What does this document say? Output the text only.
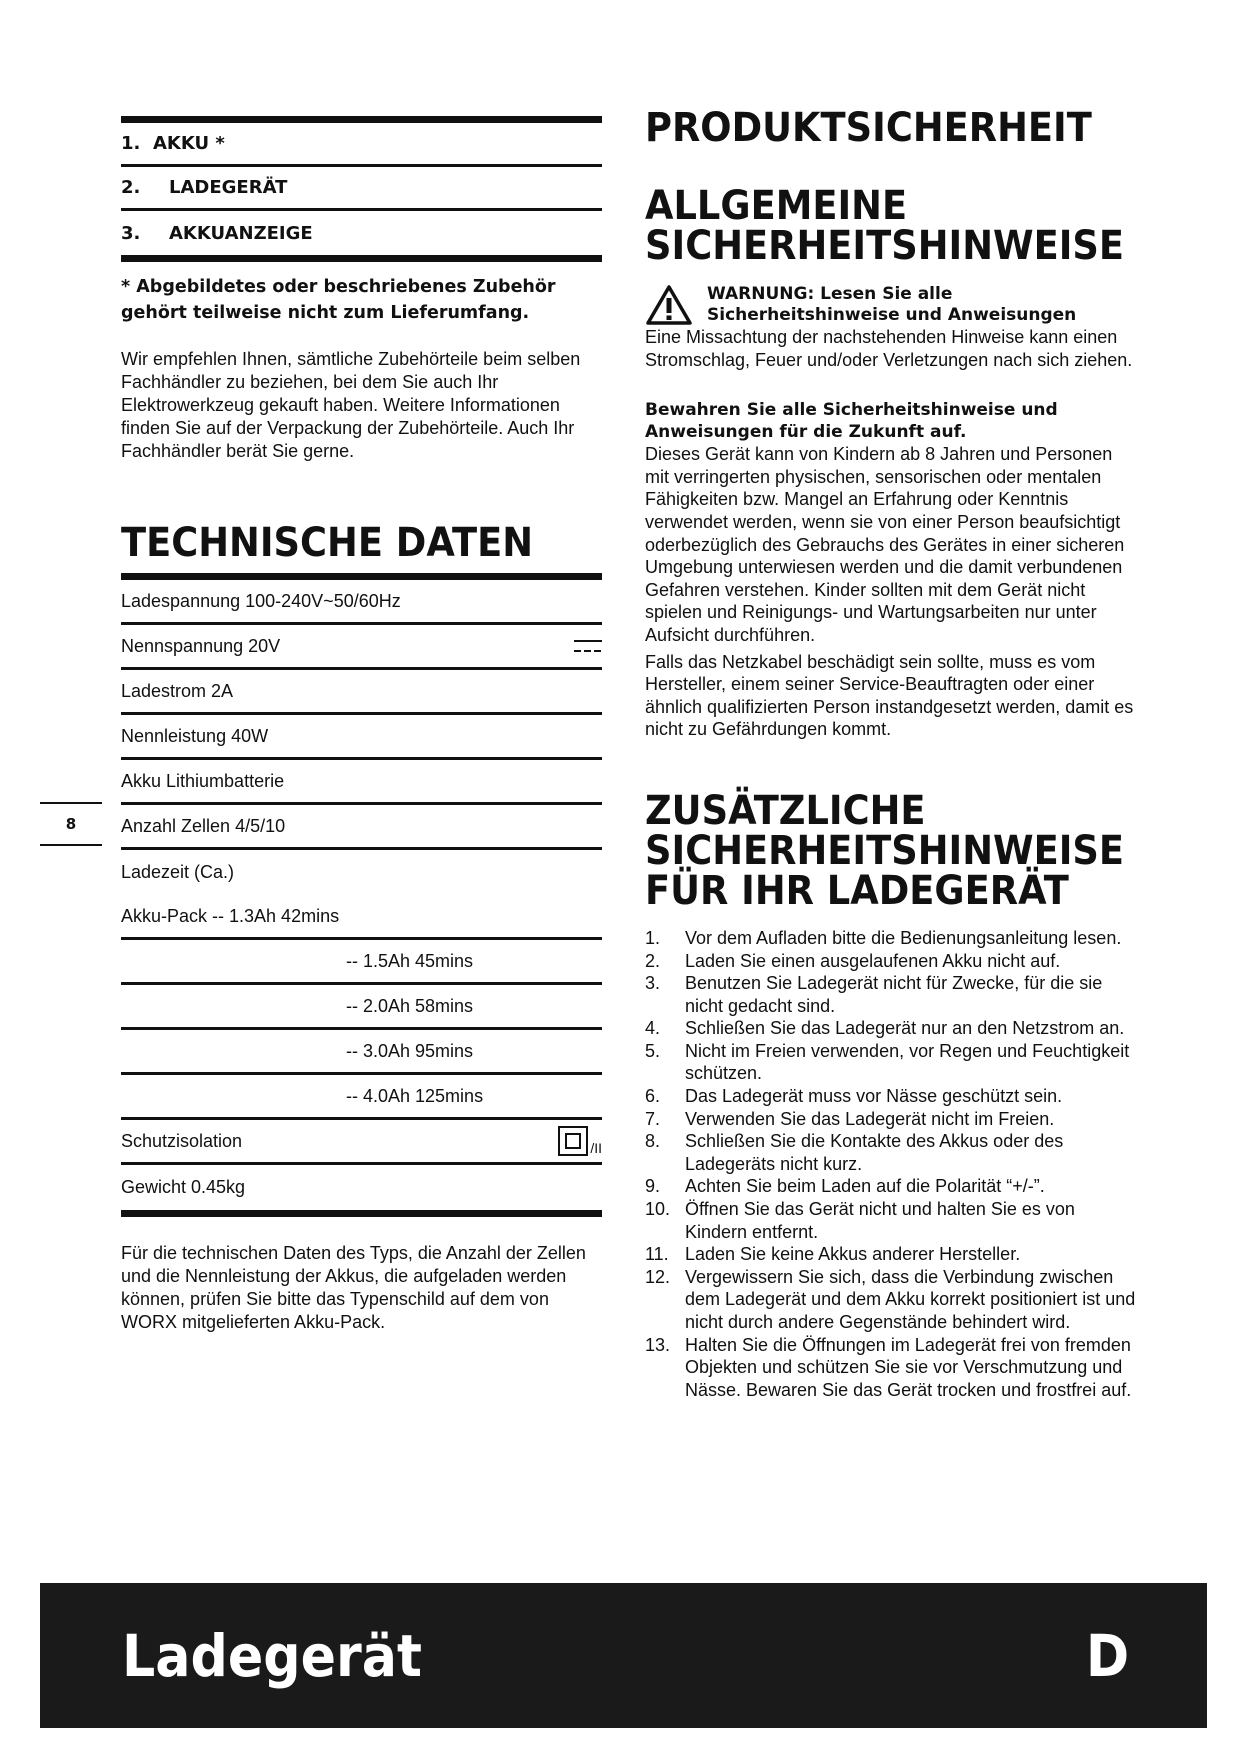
1. AKKU *
2.	LADEGERÄT
3.	AKKUANZEIGE

* Abgebildetes oder beschriebenes Zubehör gehört teilweise nicht zum Lieferumfang.

Wir empfehlen Ihnen, sämtliche Zubehörteile beim selben Fachhändler zu beziehen, bei dem Sie auch Ihr Elektrowerkzeug gekauft haben. Weitere Informationen finden Sie auf der Verpackung der Zubehörteile. Auch Ihr Fachhändler berät Sie gerne.

TECHNISCHE DATEN
Ladespannung 100-240V~50/60Hz
Nennspannung 20V
Ladestrom 2A
Nennleistung 40W
Akku Lithiumbatterie
Anzahl Zellen 4/5/10
Ladezeit (Ca.)
Akku-Pack -- 1.3Ah 42mins
-- 1.5Ah 45mins
-- 2.0Ah 58mins
-- 3.0Ah 95mins
-- 4.0Ah 125mins
Schutzisolation	/II
Gewicht 0.45kg

Für die technischen Daten des Typs, die Anzahl der Zellen und die Nennleistung der Akkus, die aufgeladen werden können, prüfen Sie bitte das Typenschild auf dem von WORX mitgelieferten Akku-Pack.

PRODUKTSICHERHEIT
ALLGEMEINE
SICHERHEITSHINWEISE
WARNUNG: Lesen Sie alle
Sicherheitshinweise und Anweisungen

Eine Missachtung der nachstehenden Hinweise kann einen Stromschlag, Feuer und/oder Verletzungen nach sich ziehen.

Bewahren Sie alle Sicherheitshinweise und Anweisungen für die Zukunft auf.

Dieses Gerät kann von Kindern ab 8 Jahren und Personen mit verringerten physischen, sensorischen oder mentalen Fähigkeiten bzw. Mangel an Erfahrung oder Kenntnis verwendet werden, wenn sie von einer Person beaufsichtigt oderbezüglich des Gebrauchs des Gerätes in einer sicheren Umgebung unterwiesen werden und die damit verbundenen Gefahren verstehen. Kinder sollten mit dem Gerät nicht spielen und Reinigungs- und Wartungsarbeiten nur unter Aufsicht durchführen.

Falls das Netzkabel beschädigt sein sollte, muss es vom Hersteller, einem seiner Service-Beauftragten oder einer ähnlich qualifizierten Person instandgesetzt werden, damit es nicht zu Gefährdungen kommt.

ZUSÄTZLICHE
SICHERHEITSHINWEISE
FÜR IHR LADEGERÄT
1.	Vor dem Aufladen bitte die Bedienungsanleitung lesen.
2.	Laden Sie einen ausgelaufenen Akku nicht auf.
3.	Benutzen Sie Ladegerät nicht für Zwecke, für die sie nicht gedacht sind.
4.	Schließen Sie das Ladegerät nur an den Netzstrom an.
5.	Nicht im Freien verwenden, vor Regen und Feuchtigkeit schützen.
6.	Das Ladegerät muss vor Nässe geschützt sein.
7.	Verwenden Sie das Ladegerät nicht im Freien.
8.	Schließen Sie die Kontakte des Akkus oder des Ladegeräts nicht kurz.
9.	Achten Sie beim Laden auf die Polarität “+/-”.
10. Öffnen Sie das Gerät nicht und halten Sie es von Kindern entfernt.
11. Laden Sie keine Akkus anderer Hersteller.
12. Vergewissern Sie sich, dass die Verbindung zwischen dem Ladegerät und dem Akku korrekt positioniert ist und nicht durch andere Gegenstände behindert wird.
13. Halten Sie die Öffnungen im Ladegerät frei von fremden Objekten und schützen Sie sie vor Verschmutzung und Nässe. Bewaren Sie das Gerät trocken und frostfrei auf.
8
Ladegerät	D
